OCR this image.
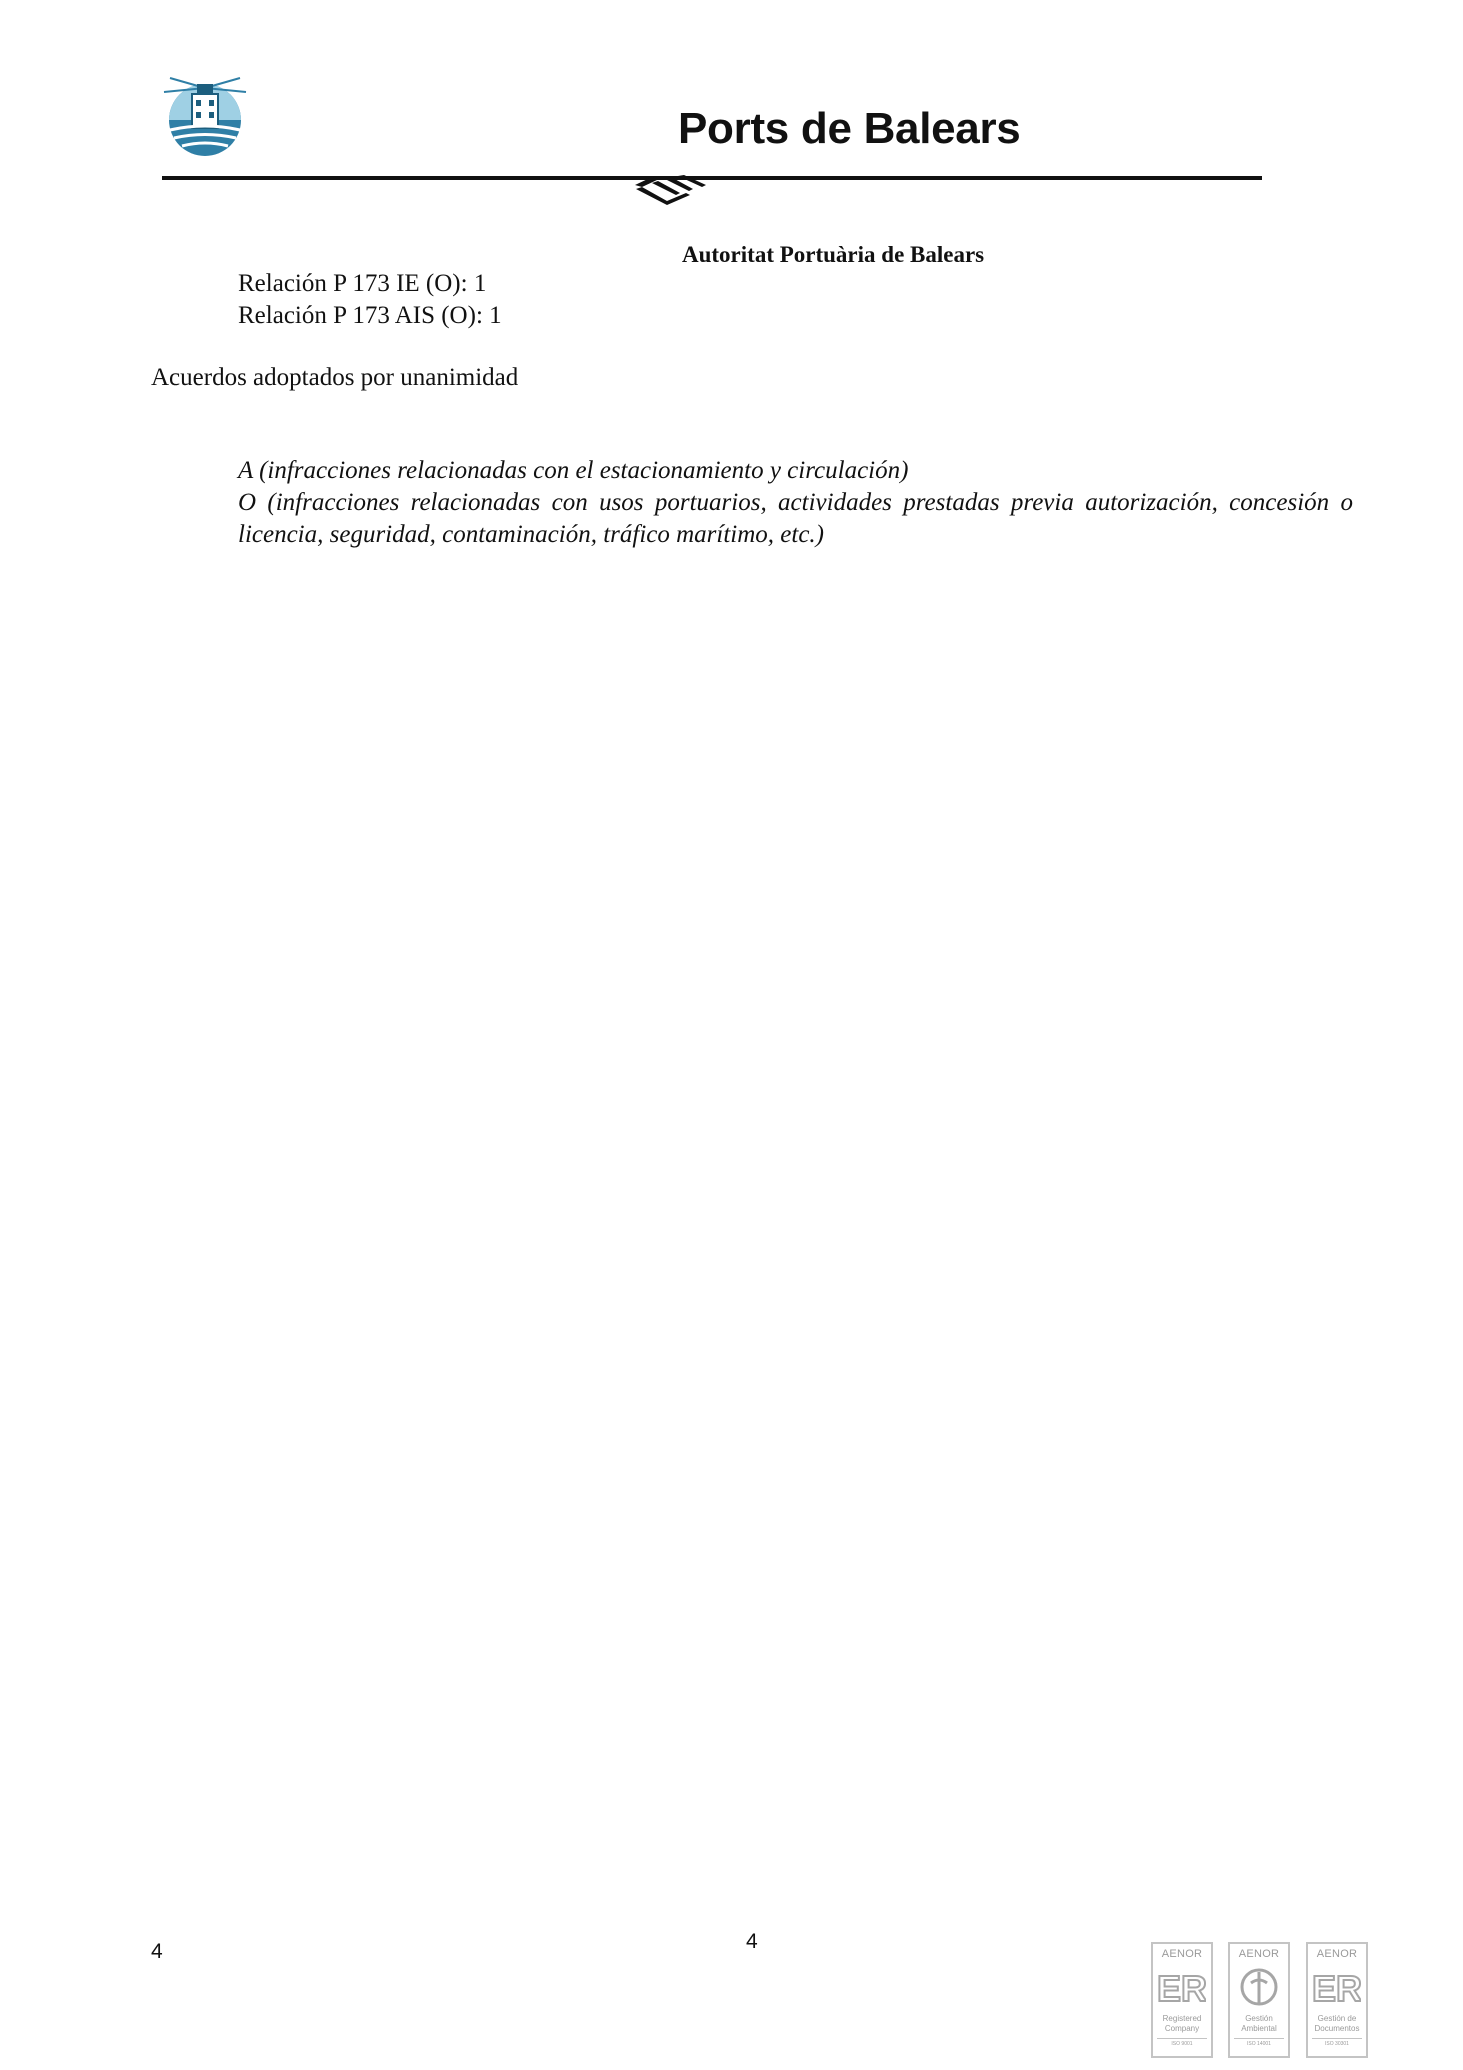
Ports de Balears
Autoritat Portuària de Balears
Relación P 173 IE (O): 1
Relación P 173 AIS (O): 1
Acuerdos adoptados por unanimidad

A (infracciones relacionadas con el estacionamiento y circulación)

O (infracciones relacionadas con usos portuarios, actividades prestadas previa autorización, concesión o licencia, seguridad, contaminación, tráfico marítimo, etc.)

4	4
AENOR
ER
Registered Company
ISO 9001
AENOR
Gestión Ambiental
ISO 14001
AENOR
ER
Gestión de Documentos
ISO 30301
